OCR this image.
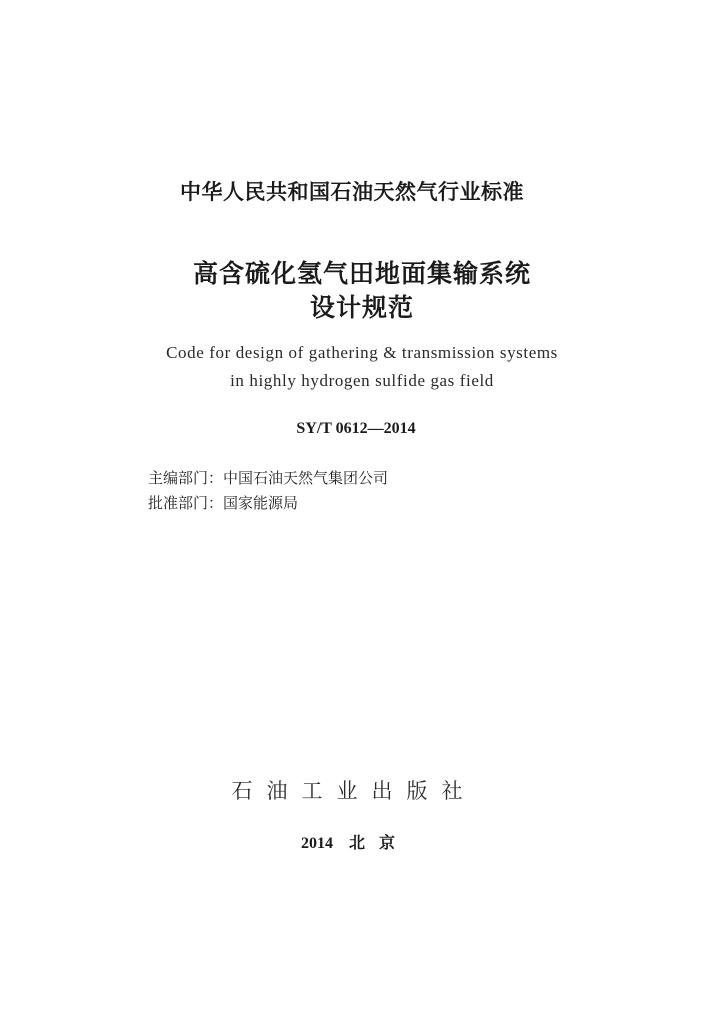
中华人民共和国石油天然气行业标准
高含硫化氢气田地面集输系统
设计规范
Code for design of gathering & transmission systems
in highly hydrogen sulfide gas field
SY/T 0612—2014
主编部门：中国石油天然气集团公司
批准部门：国家能源局
石油工业出版社
2014 北 京
